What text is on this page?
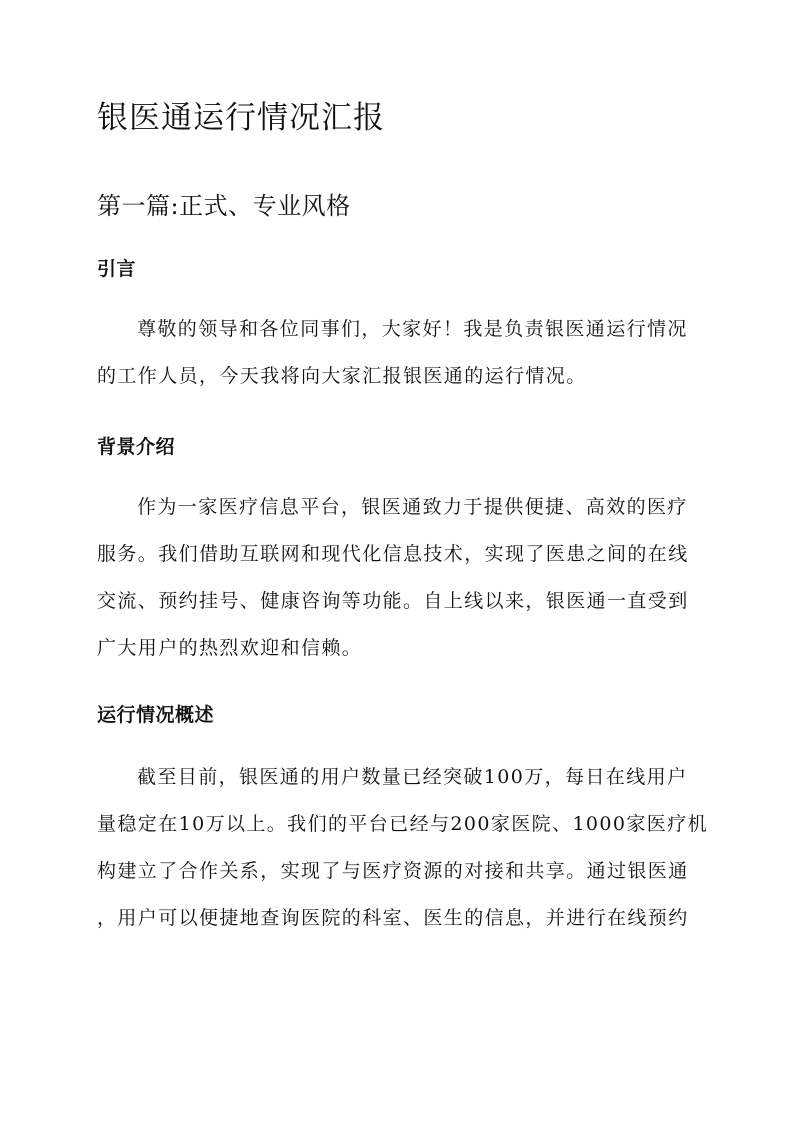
银医通运行情况汇报
第一篇:正式、专业风格
引言

尊敬的领导和各位同事们，大家好！我是负责银医通运行情况
的工作人员，今天我将向大家汇报银医通的运行情况。

背景介绍

作为一家医疗信息平台，银医通致力于提供便捷、高效的医疗
服务。我们借助互联网和现代化信息技术，实现了医患之间的在线
交流、预约挂号、健康咨询等功能。自上线以来，银医通一直受到
广大用户的热烈欢迎和信赖。

运行情况概述

截至目前，银医通的用户数量已经突破100万，每日在线用户
量稳定在10万以上。我们的平台已经与200家医院、1000家医疗机
构建立了合作关系，实现了与医疗资源的对接和共享。通过银医通
，用户可以便捷地查询医院的科室、医生的信息，并进行在线预约
